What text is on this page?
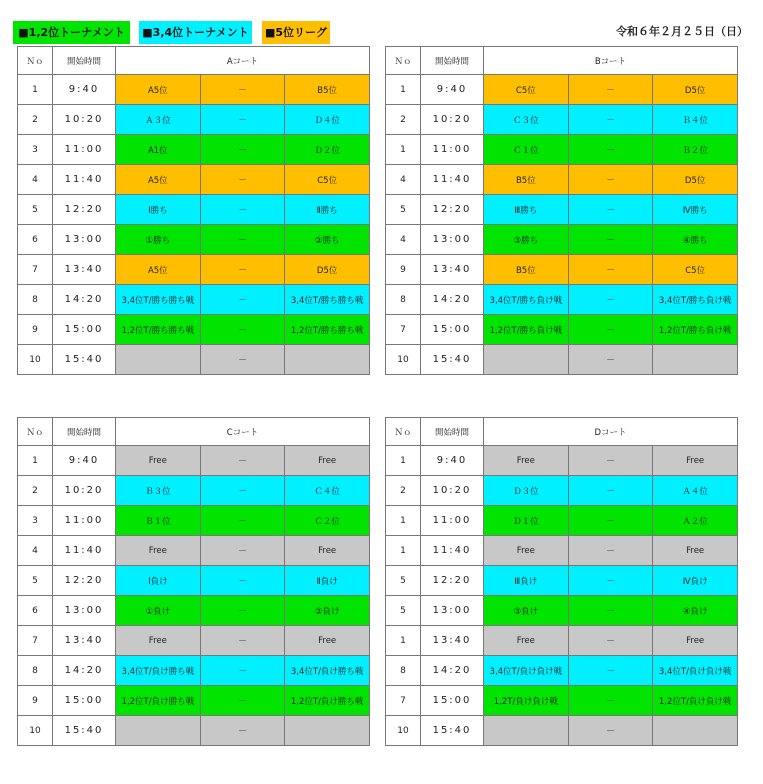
■1,2位トーナメント	■3,4位トーナメント ■5位リーグ	令和６年２月２５日（日）
Ｎｏ	開始時間	Aコート		
1	9:40	A5位	－	B5位
2	10:20	Ａ３位	－	Ｄ４位
3	11:00	A1位	－	Ｄ２位
4	11:40	A5位	－	C5位
5	12:20	Ⅰ勝ち	－	Ⅱ勝ち
6	13:00	①勝ち	－	②勝ち
7	13:40	A5位	－	D5位
8	14:20	3,4位T/勝ち勝ち戦	－	3,4位T/勝ち勝ち戦
9	15:00	1,2位T/勝ち勝ち戦	－	1,2位T/勝ち勝ち戦
10	15:40		－	
Ｎｏ	開始時間	Bコート		
1	9:40	C5位	－	D5位
2	10:20	Ｃ３位	－	Ｂ４位
1	11:00	Ｃ１位	－	Ｂ２位
4	11:40	B5位	－	D5位
5	12:20	Ⅲ勝ち	－	Ⅳ勝ち
4	13:00	③勝ち	－	④勝ち
9	13:40	B5位	－	C5位
8	14:20	3,4位T/勝ち負け戦	－	3,4位T/勝ち負け戦
7	15:00	1,2位T/勝ち負け戦	－	1,2位T/勝ち負け戦
10	15:40		－	
Ｎｏ	開始時間	Cコート		
1	9:40	Free	－	Free
2	10:20	Ｂ３位	－	Ｃ４位
3	11:00	Ｂ１位	－	Ｃ２位
4	11:40	Free	－	Free
5	12:20	Ⅰ負け	－	Ⅱ負け
6	13:00	①負け	－	②負け
7	13:40	Free	－	Free
8	14:20	3,4位T/負け勝ち戦	－	3,4位T/負け勝ち戦
9	15:00	1,2位T/負け勝ち戦	－	1,2位T/負け勝ち戦
10	15:40		－	
Ｎｏ	開始時間	Dコート		
1	9:40	Free	－	Free
2	10:20	Ｄ３位	－	Ａ４位
1	11:00	Ｄ１位	－	Ａ２位
1	11:40	Free	－	Free
5	12:20	Ⅲ負け	－	Ⅳ負け
5	13:00	③負け	－	④負け
1	13:40	Free	－	Free
8	14:20	3,4位T/負け負け戦	－	3,4位T/負け負け戦
7	15:00	1,2T/負け負け戦	－	1,2位T/負け負け戦
10	15:40		－	
